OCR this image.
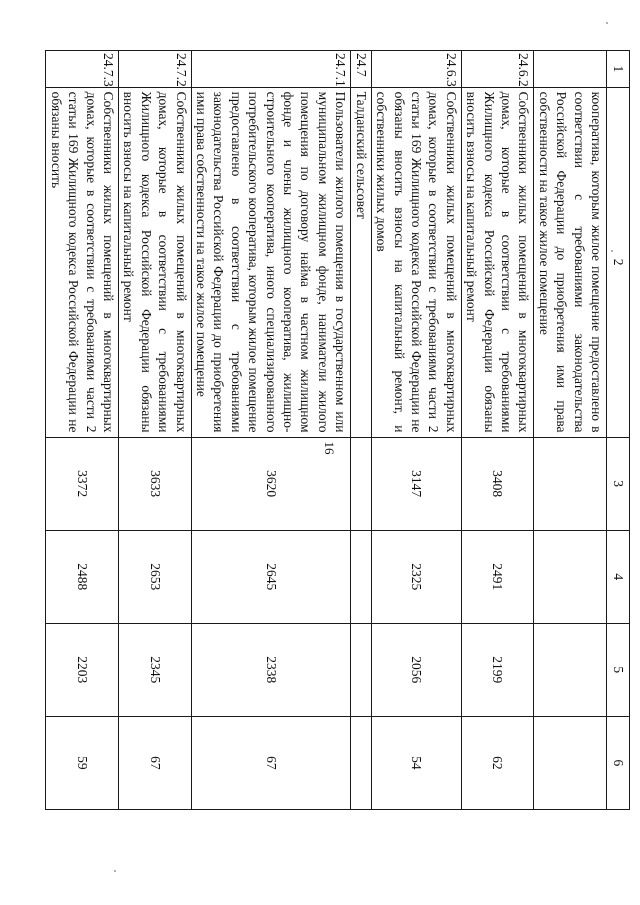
16
1	2	3	4	5	6
	кооператива, которым жилое помещение предоставлено в соответствии с требованиями законодательства Российской Федерации до приобретения ими права собственности на такое жилое помещение				
24.6.2	Собственники жилых помещений в многоквартирных домах, которые в соответствии с требованиями Жилищного кодекса Российской Федерации обязаны вносить взносы на капитальный ремонт	3408	2491	2199	62
24.6.3	Собственники жилых помещений в многоквартирных домах, которые в соответствии с требованиями части 2 статьи 169 Жилищного кодекса Российской Федерации не обязаны вносить взносы на капитальный ремонт, и собственники жилых домов	3147	2325	2056	54
24.7	Талданский сельсовет				
24.7.1	Пользователи жилого помещения в государственном или муниципальном жилищном фонде, наниматели жилого помещения по договору найма в частном жилищном фонде и члены жилищного кооператива, жилищно-строительного кооператива, иного специализированного потребительского кооператива, которым жилое помещение предоставлено в соответствии с требованиями законодательства Российской Федерации до приобретения ими права собственности на такое жилое помещение	3620	2645	2338	67
24.7.2	Собственники жилых помещений в многоквартирных домах, которые в соответствии с требованиями Жилищного кодекса Российской Федерации обязаны вносить взносы на капитальный ремонт	3633	2653	2345	67
24.7.3	Собственники жилых помещений в многоквартирных домах, которые в соответствии с требованиями части 2 статьи 169 Жилищного кодекса Российской Федерации не обязаны вносить	3372	2488	2203	59
